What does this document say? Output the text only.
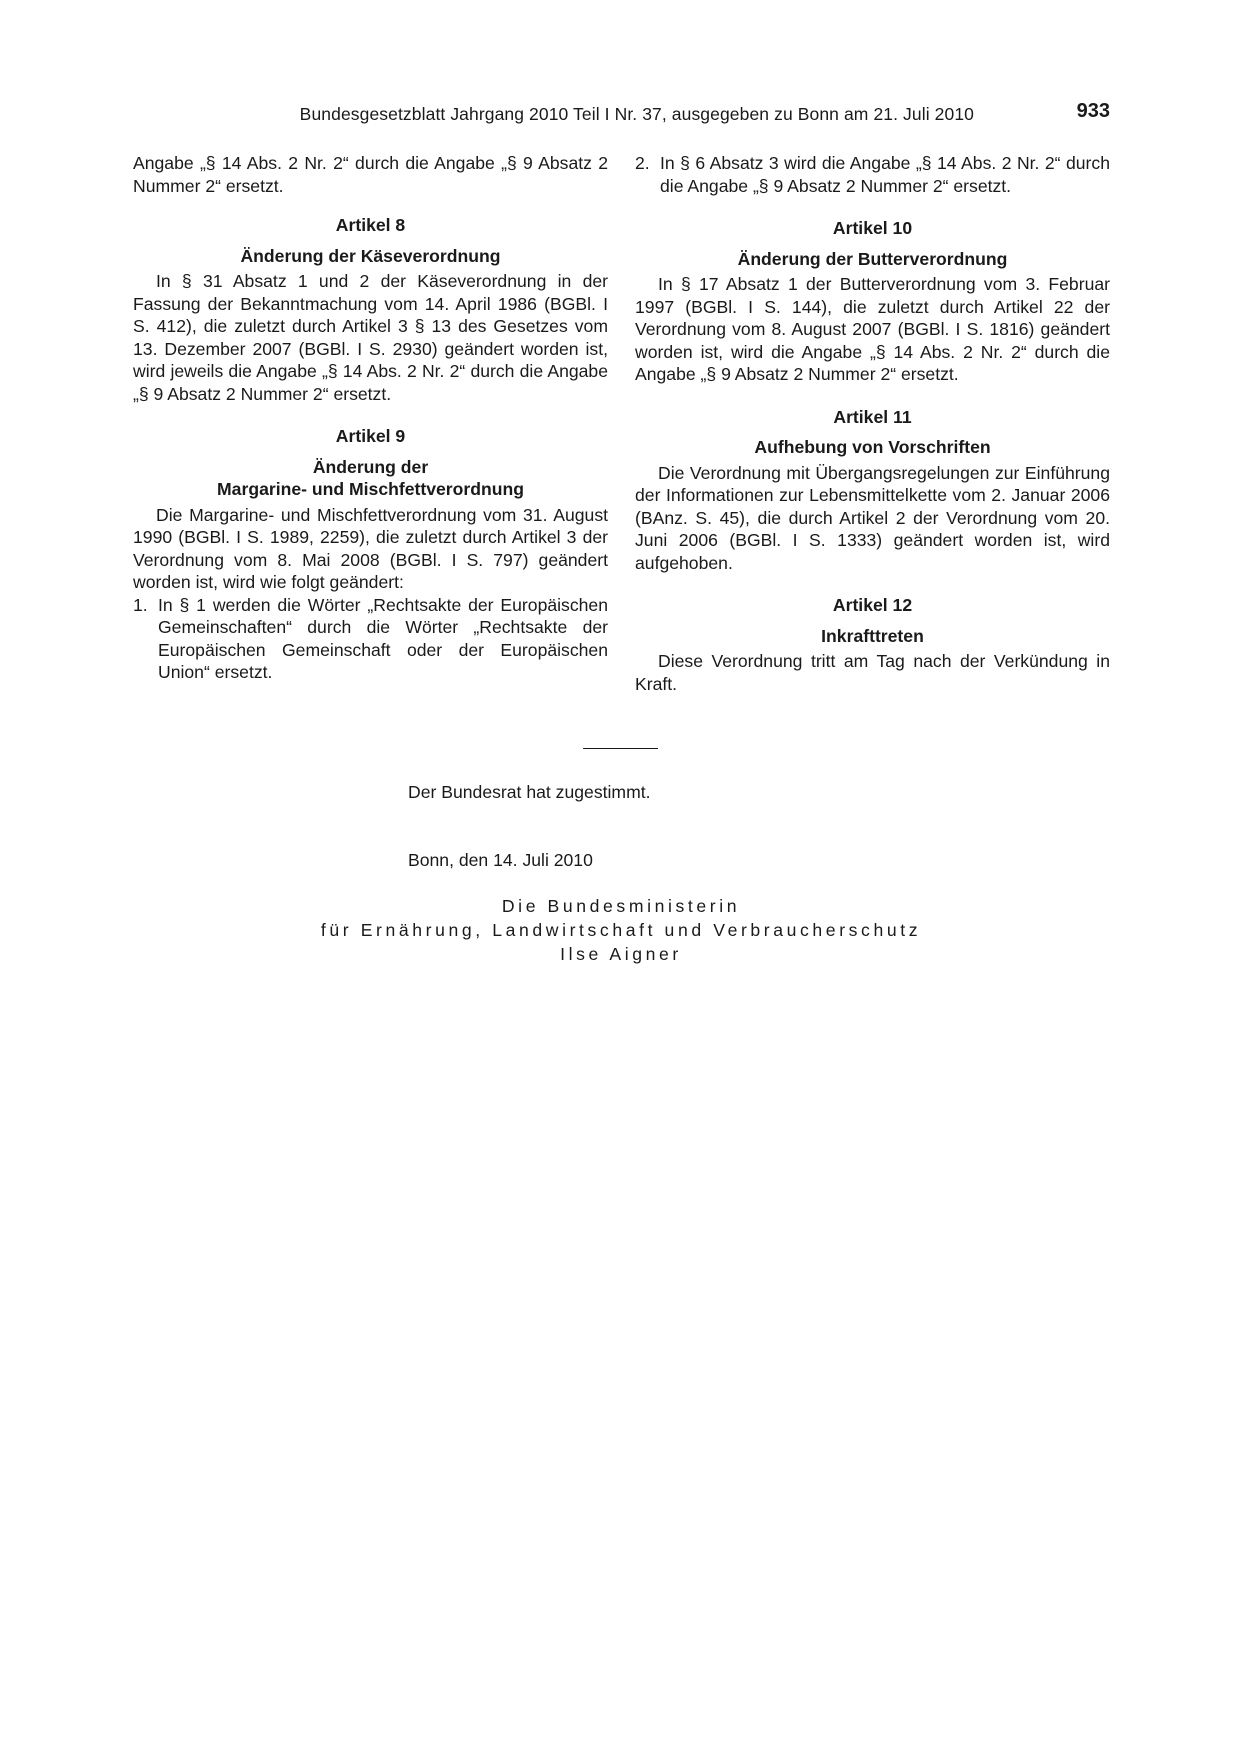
Bundesgesetzblatt Jahrgang 2010 Teil I Nr. 37, ausgegeben zu Bonn am 21. Juli 2010	933

Angabe „§ 14 Abs. 2 Nr. 2“ durch die Angabe „§ 9 Absatz 2 Nummer 2“ ersetzt.

Artikel 8
Änderung der Käseverordnung

In § 31 Absatz 1 und 2 der Käseverordnung in der Fassung der Bekanntmachung vom 14. April 1986 (BGBl. I S. 412), die zuletzt durch Artikel 3 § 13 des Gesetzes vom 13. Dezember 2007 (BGBl. I S. 2930) geändert worden ist, wird jeweils die Angabe „§ 14 Abs. 2 Nr. 2“ durch die Angabe „§ 9 Absatz 2 Nummer 2“ ersetzt.

Artikel 9
Änderung der
Margarine- und Mischfettverordnung

Die Margarine- und Mischfettverordnung vom 31. August 1990 (BGBl. I S. 1989, 2259), die zuletzt durch Artikel 3 der Verordnung vom 8. Mai 2008 (BGBl. I S. 797) geändert worden ist, wird wie folgt geändert:

1. In § 1 werden die Wörter „Rechtsakte der Europäischen Gemeinschaften“ durch die Wörter „Rechtsakte der Europäischen Gemeinschaft oder der Europäischen Union“ ersetzt.
2. In § 6 Absatz 3 wird die Angabe „§ 14 Abs. 2 Nr. 2“ durch die Angabe „§ 9 Absatz 2 Nummer 2“ ersetzt.
Artikel 10
Änderung der Butterverordnung

In § 17 Absatz 1 der Butterverordnung vom 3. Februar 1997 (BGBl. I S. 144), die zuletzt durch Artikel 22 der Verordnung vom 8. August 2007 (BGBl. I S. 1816) geändert worden ist, wird die Angabe „§ 14 Abs. 2 Nr. 2“ durch die Angabe „§ 9 Absatz 2 Nummer 2“ ersetzt.

Artikel 11
Aufhebung von Vorschriften

Die Verordnung mit Übergangsregelungen zur Einführung der Informationen zur Lebensmittelkette vom 2. Januar 2006 (BAnz. S. 45), die durch Artikel 2 der Verordnung vom 20. Juni 2006 (BGBl. I S. 1333) geändert worden ist, wird aufgehoben.

Artikel 12
Inkrafttreten

Diese Verordnung tritt am Tag nach der Verkündung in Kraft.

Der Bundesrat hat zugestimmt.
Bonn, den 14. Juli 2010
Die Bundesministerin
für Ernährung, Landwirtschaft und Verbraucherschutz
Ilse Aigner
